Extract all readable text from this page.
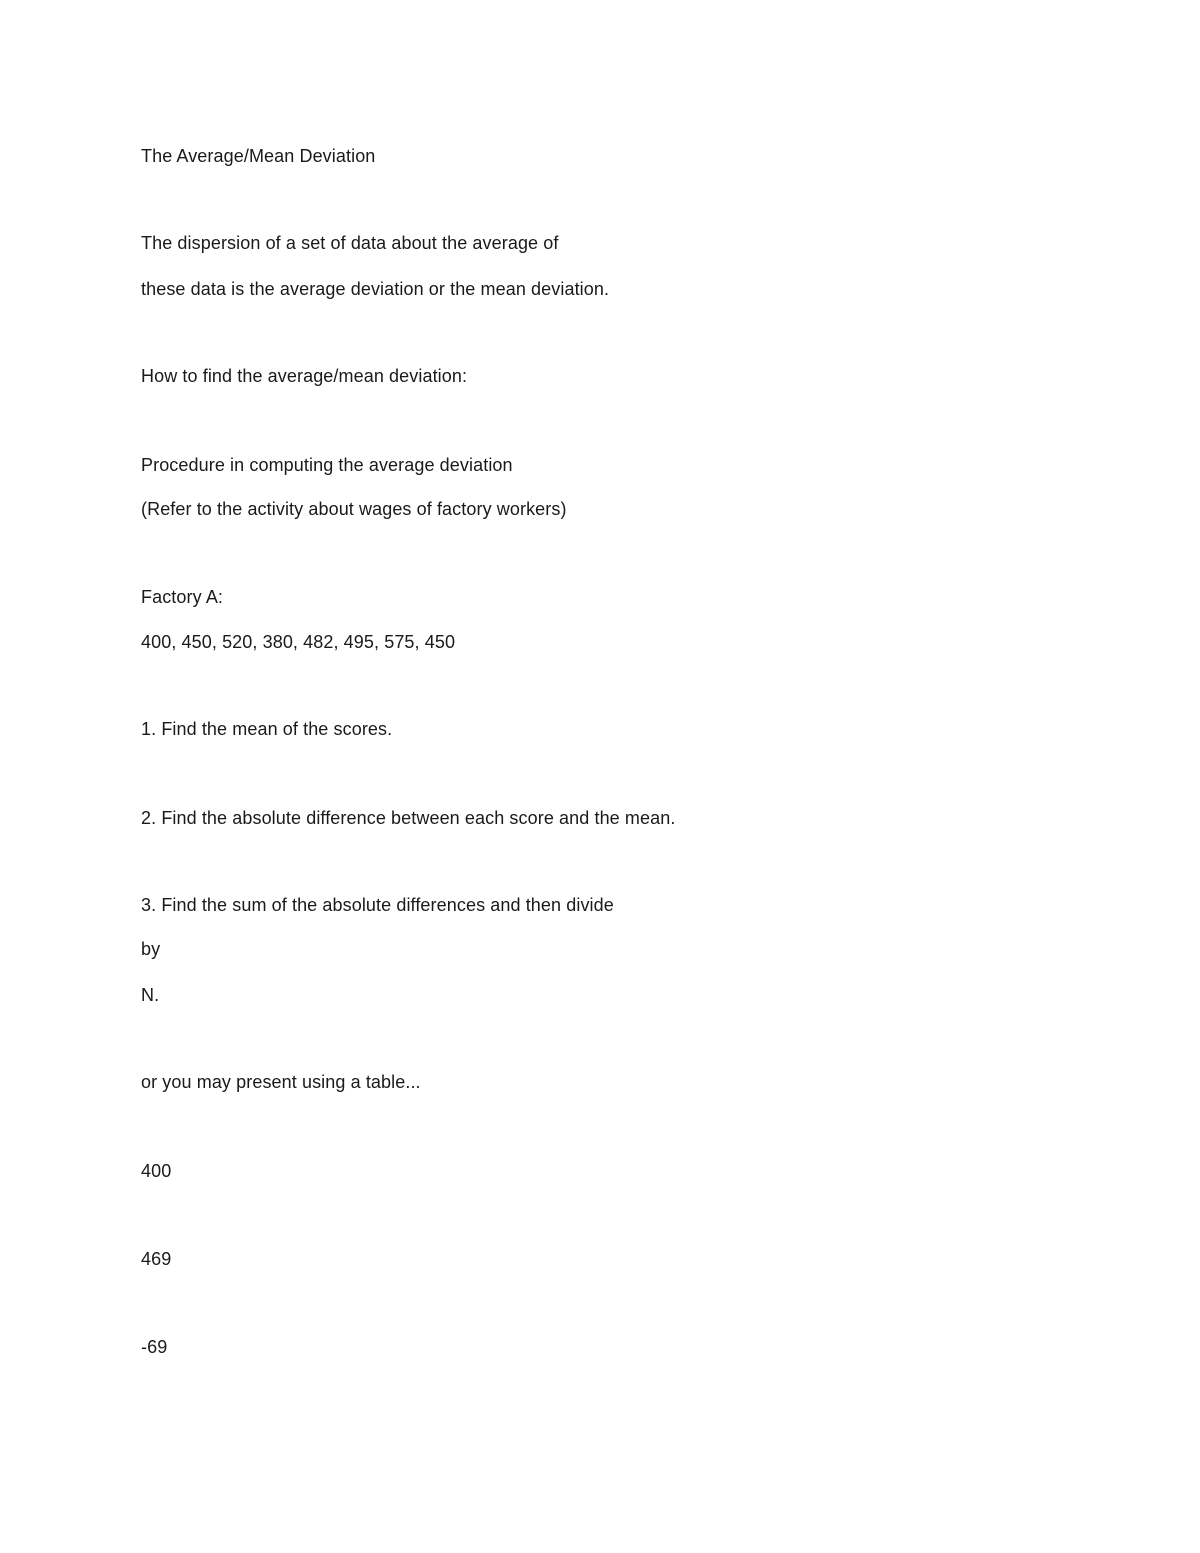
The Average/Mean Deviation
The dispersion of a set of data about the average of
these data is the average deviation or the mean deviation.
How to find the average/mean deviation:
Procedure in computing the average deviation
(Refer to the activity about wages of factory workers)
Factory A:
400, 450, 520, 380, 482, 495, 575, 450
1. Find the mean of the scores.
2. Find the absolute difference between each score and the mean.
3. Find the sum of the absolute differences and then divide
by
N.
or you may present using a table...
400
469
-69
